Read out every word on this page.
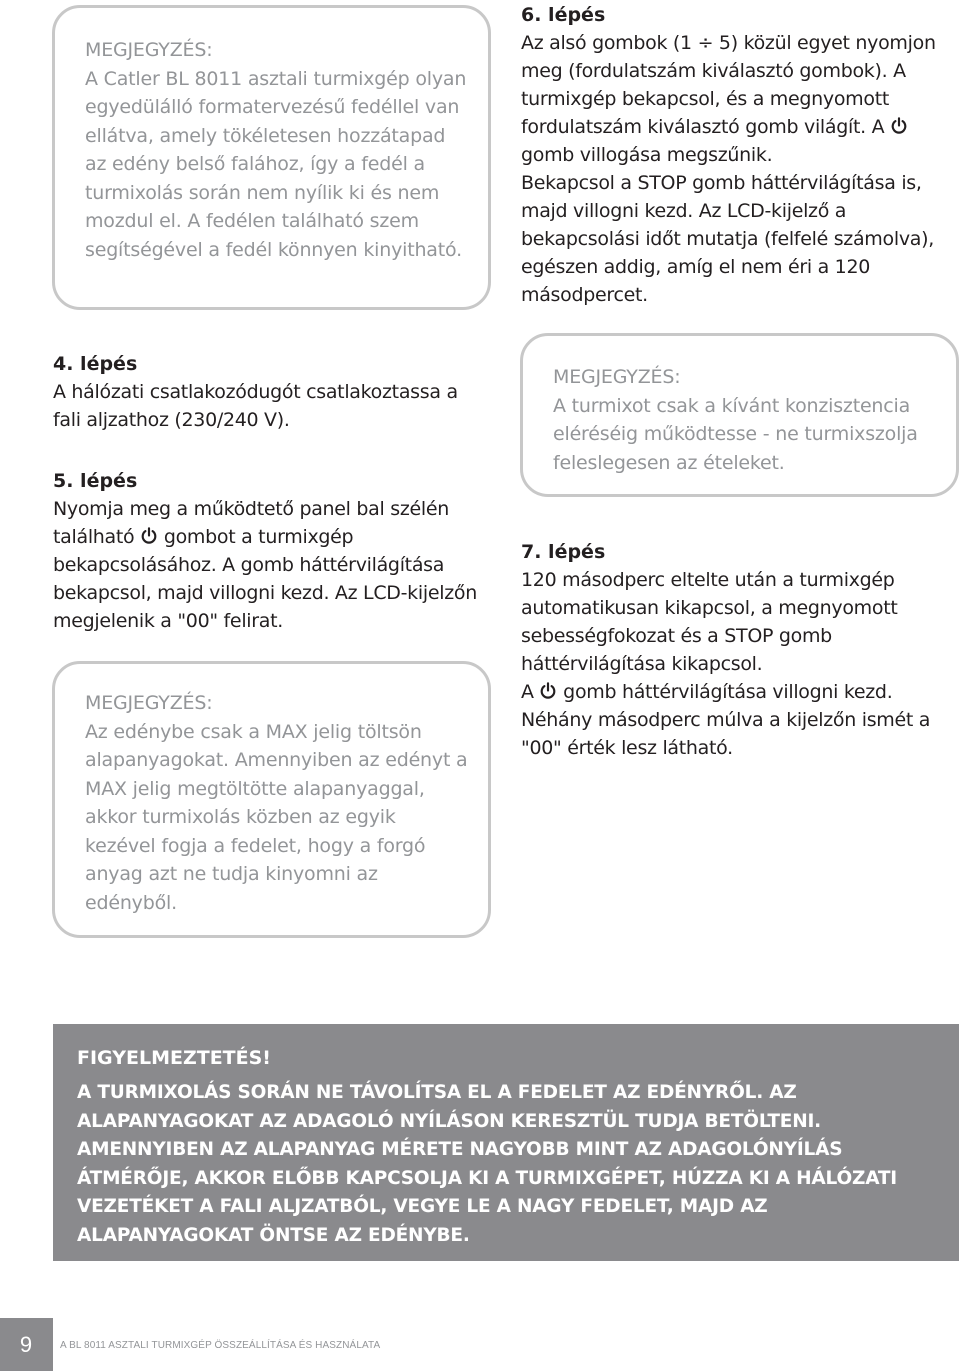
MEGJEGYZÉS:
A Catler BL 8011 asztali turmixgép olyan egyedülálló formatervezésű fedéllel van ellátva, amely tökéletesen hozzátapad az edény belső falához, így a fedél a turmixolás során nem nyílik ki és nem mozdul el. A fedélen található szem segítségével a fedél könnyen kinyitható.
6. lépés
Az alsó gombok (1 ÷ 5) közül egyet nyomjon meg (fordulatszám kiválasztó gombok). A turmixgép bekapcsol, és a megnyomott fordulatszám kiválasztó gomb világít. A

gomb villogása megszűnik.
Bekapcsol a STOP gomb háttérvilágítása is, majd villogni kezd. Az LCD-kijelző a bekapcsolási időt mutatja (felfelé számolva), egészen addig, amíg el nem éri a 120 másodpercet.
4. lépés
A hálózati csatlakozódugót csatlakoztassa a fali aljzathoz (230/240 V).
5. lépés
Nyomja meg a működtető panel bal szélén található
gombot a turmixgép bekapcsolásához. A gomb háttérvilágítása bekapcsol, majd villogni kezd. Az LCD-kijelzőn megjelenik a "00" felirat.
MEGJEGYZÉS:
A turmixot csak a kívánt konzisztencia eléréséig működtesse - ne turmixszolja feleslegesen az ételeket.
MEGJEGYZÉS:
Az edénybe csak a MAX jelig töltsön alapanyagokat. Amennyiben az edényt a MAX jelig megtöltötte alapanyaggal, akkor turmixolás közben az egyik kezével fogja a fedelet, hogy a forgó anyag azt ne tudja kinyomni az edényből.
7. lépés
120 másodperc eltelte után a turmixgép automatikusan kikapcsol, a megnyomott sebességfokozat és a STOP gomb háttérvilágítása kikapcsol.
A
gomb háttérvilágítása villogni kezd.
Néhány másodperc múlva a kijelzőn ismét a "00" érték lesz látható.
FIGYELMEZTETÉS!
A TURMIXOLÁS SORÁN NE TÁVOLÍTSA EL A FEDELET AZ EDÉNYRŐL. AZ ALAPANYAGOKAT AZ ADAGOLÓ NYÍLÁSON KERESZTÜL TUDJA BETÖLTENI. AMENNYIBEN AZ ALAPANYAG MÉRETE NAGYOBB MINT AZ ADAGOLÓNYÍLÁS ÁTMÉRŐJE, AKKOR ELŐBB KAPCSOLJA KI A TURMIXGÉPET, HÚZZA KI A HÁLÓZATI VEZETÉKET A FALI ALJZATBÓL, VEGYE LE A NAGY FEDELET, MAJD AZ ALAPANYAGOKAT ÖNTSE AZ EDÉNYBE.
9	A BL 8011 ASZTALI TURMIXGÉP ÖSSZEÁLLÍTÁSA ÉS HASZNÁLATA
